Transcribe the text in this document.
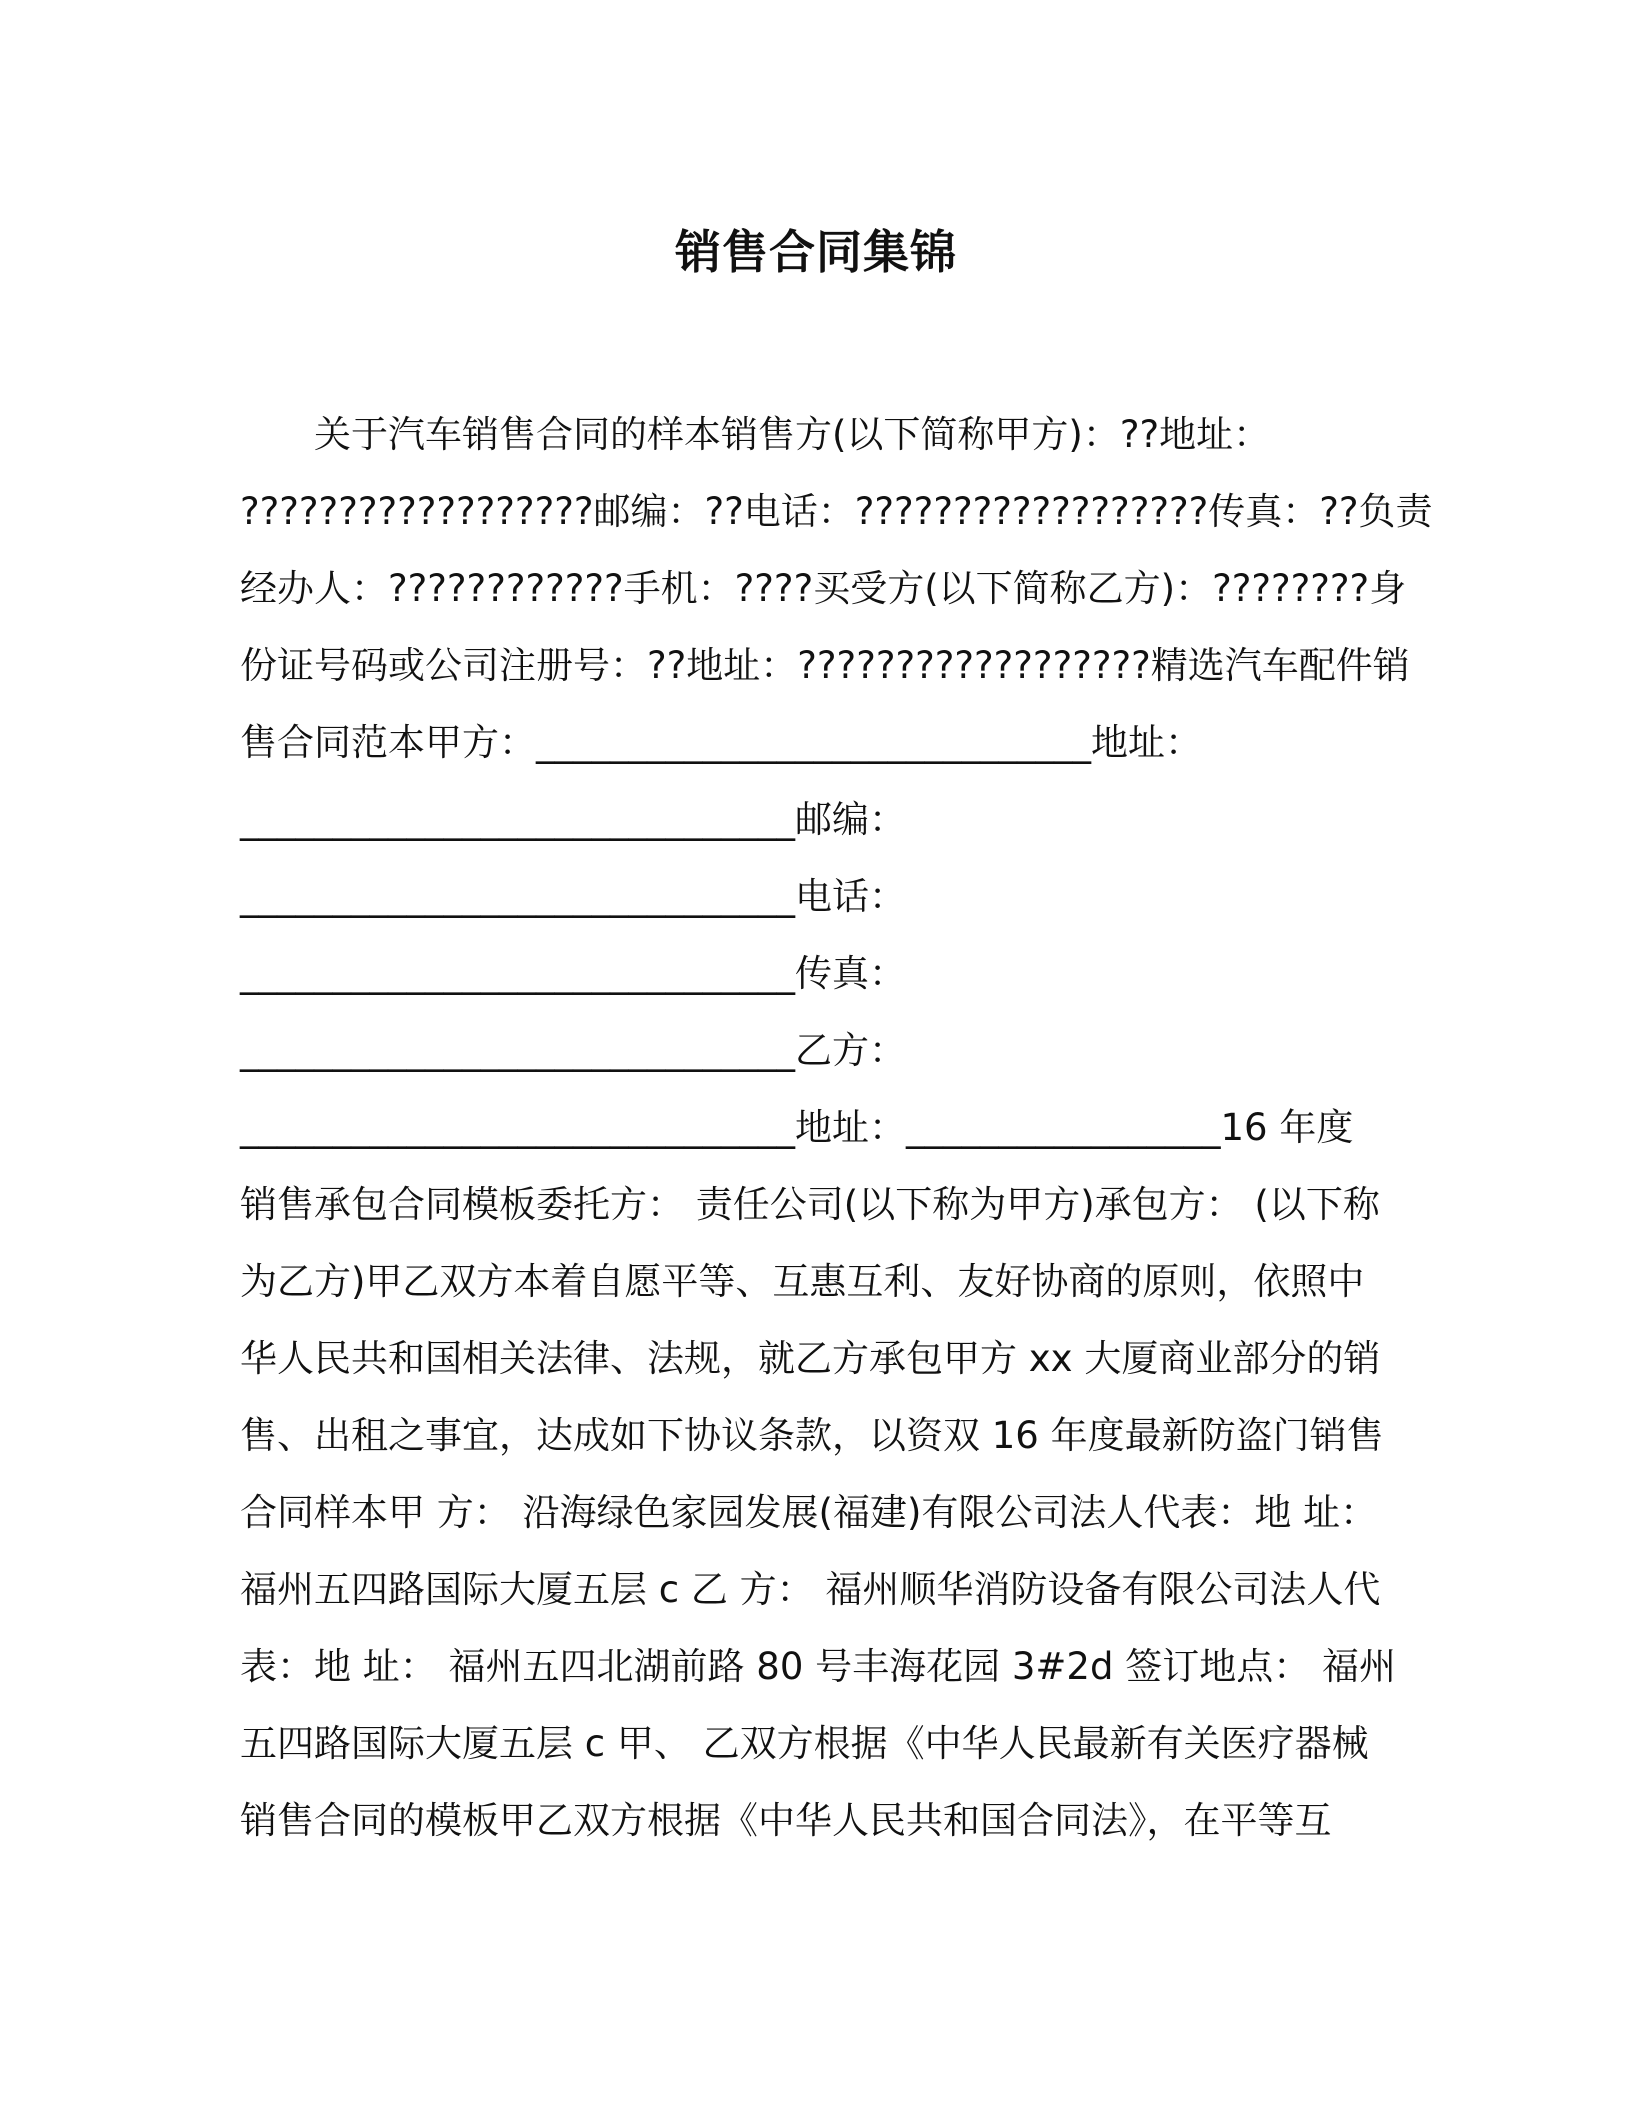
销售合同集锦
　　关于汽车销售合同的样本销售方(以下简称甲方)：??地址：
??????????????????邮编：??电话：??????????????????传真：??负责
经办人：????????????手机：????买受方(以下简称乙方)：????????身
份证号码或公司注册号：??地址：??????????????????精选汽车配件销
售合同范本甲方：______________________________地址：
______________________________邮编：
______________________________电话：
______________________________传真：
______________________________乙方：
______________________________地址：_________________16 年度
销售承包合同模板委托方： 责任公司(以下称为甲方)承包方： (以下称
为乙方)甲乙双方本着自愿平等、互惠互利、友好协商的原则，依照中
华人民共和国相关法律、法规，就乙方承包甲方 xx 大厦商业部分的销
售、出租之事宜，达成如下协议条款，以资双 16 年度最新防盗门销售
合同样本甲 方： 沿海绿色家园发展(福建)有限公司法人代表：地 址：
福州五四路国际大厦五层 c 乙 方： 福州顺华消防设备有限公司法人代
表：地 址： 福州五四北湖前路 80 号丰海花园 3#2d 签订地点： 福州
五四路国际大厦五层 c 甲、 乙双方根据《中华人民最新有关医疗器械
销售合同的模板甲乙双方根据《中华人民共和国合同法》，在平等互
